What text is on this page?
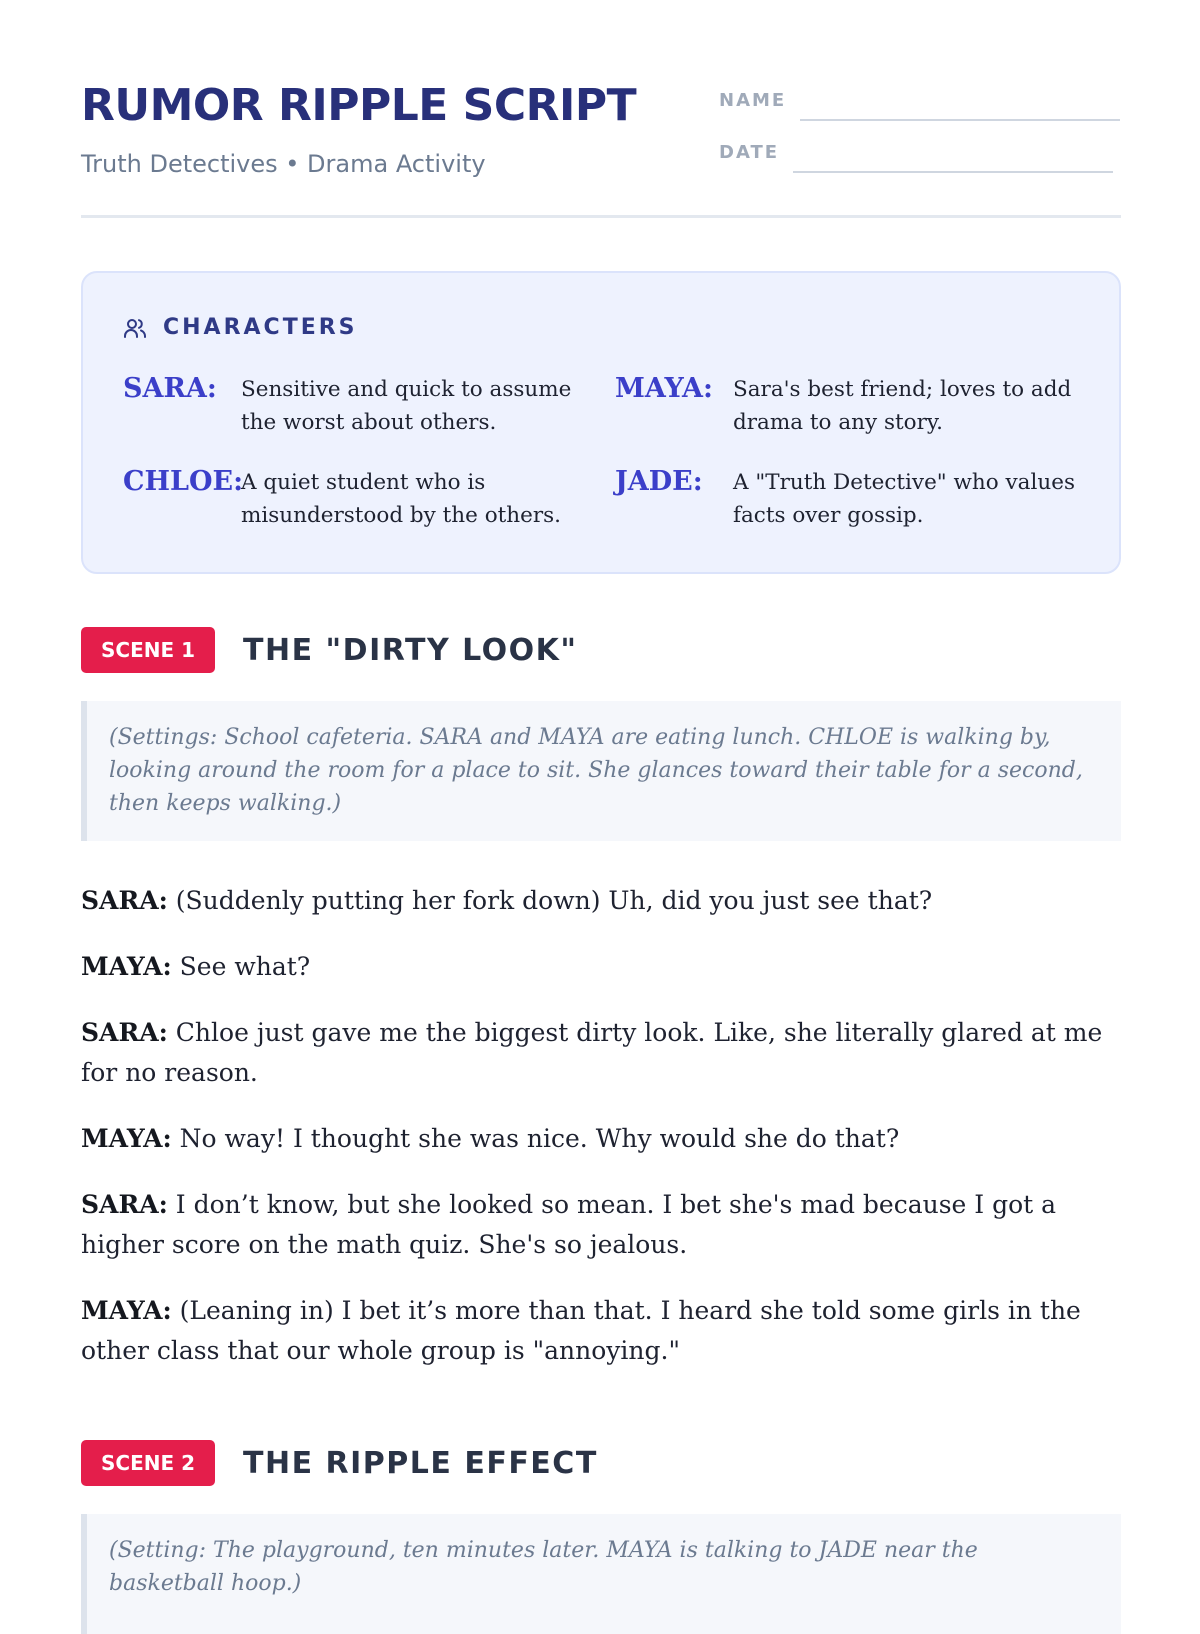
RUMOR RIPPLE SCRIPT
Truth Detectives • Drama Activity
NAME
DATE
CHARACTERS
SARA: Sensitive and quick to assume the worst about others.
MAYA: Sara's best friend; loves to add drama to any story.
CHLOE:
A quiet student who is misunderstood by the others.
JADE: A "Truth Detective" who values facts over gossip.
SCENE 1	THE "DIRTY LOOK"
(Settings: School cafeteria. SARA and MAYA are eating lunch. CHLOE is walking by, looking around the room for a place to sit. She glances toward their table for a second, then keeps walking.)

SARA: (Suddenly putting her fork down) Uh, did you just see that?

MAYA: See what?

SARA: Chloe just gave me the biggest dirty look. Like, she literally glared at me for no reason.

MAYA: No way! I thought she was nice. Why would she do that?

SARA: I don’t know, but she looked so mean. I bet she's mad because I got a higher score on the math quiz. She's so jealous.

MAYA: (Leaning in) I bet it’s more than that. I heard she told some girls in the other class that our whole group is "annoying."

SCENE 2	THE RIPPLE EFFECT
(Setting: The playground, ten minutes later. MAYA is talking to JADE near the basketball hoop.)
